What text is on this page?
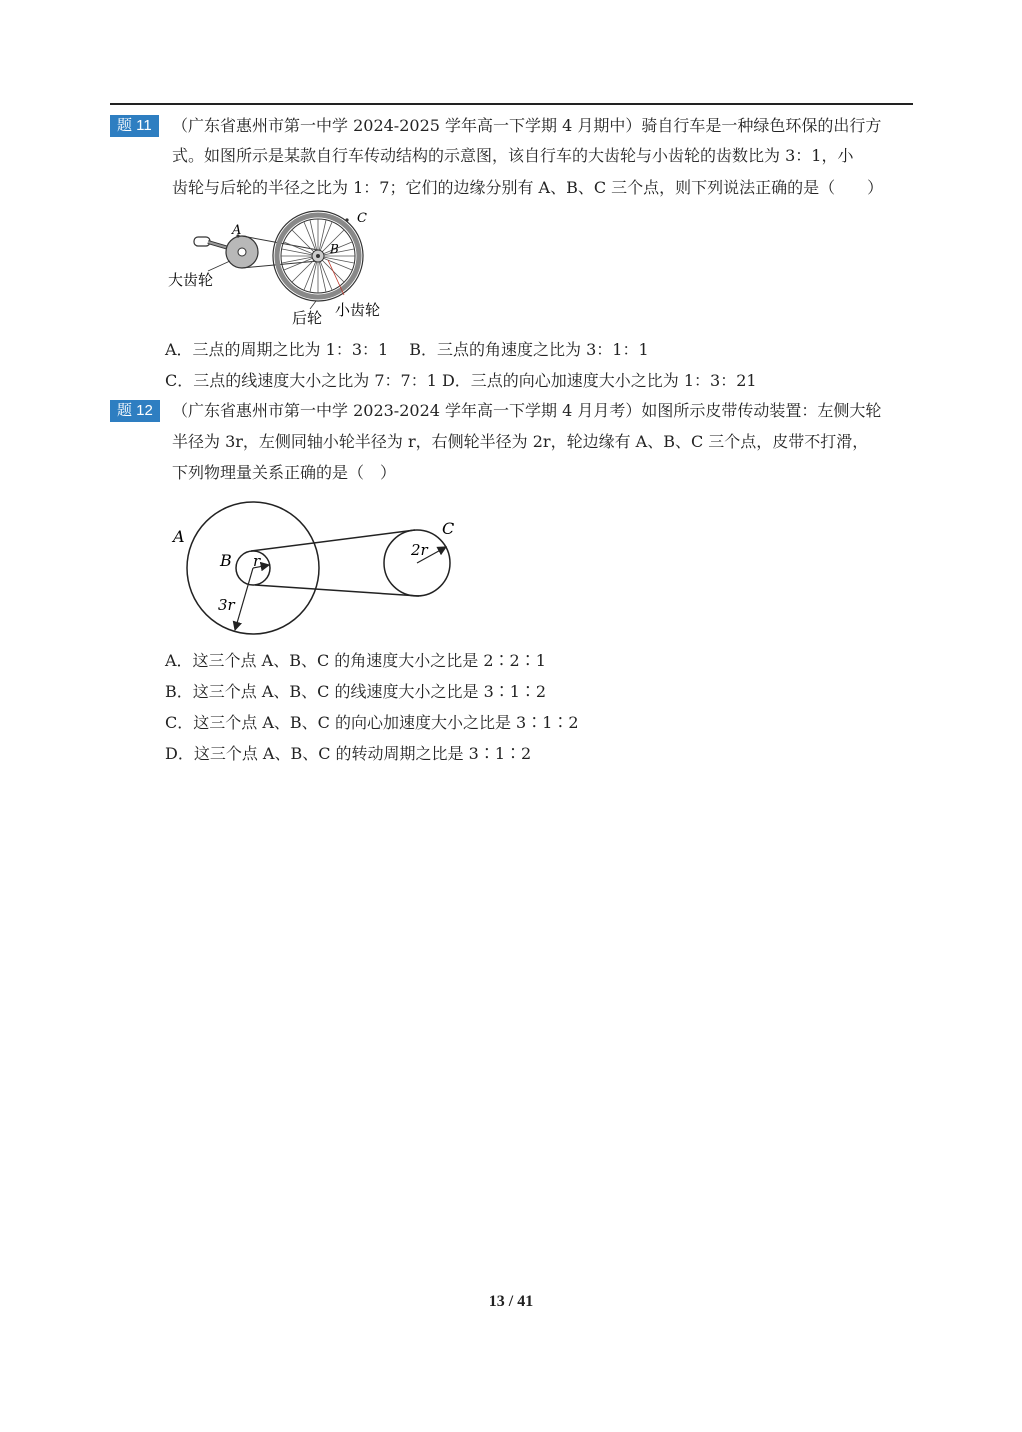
题 11	（广东省惠州市第一中学 2024-2025 学年高一下学期 4 月期中）骑自行车是一种绿色环保的出行方
式。如图所示是某款自行车传动结构的示意图，该自行车的大齿轮与小齿轮的齿数比为 3：1，小
齿轮与后轮的半径之比为 1：7；它们的边缘分别有 A、B、C 三个点，则下列说法正确的是（　　）
A
C
B
大齿轮
后轮 小齿轮
A．三点的周期之比为 1：3：1　 B．三点的角速度之比为 3：1：1
C．三点的线速度大小之比为 7：7：1 D．三点的向心加速度大小之比为 1：3：21
题 12	（广东省惠州市第一中学 2023-2024 学年高一下学期 4 月月考）如图所示皮带传动装置：左侧大轮
半径为 3r，左侧同轴小轮半径为 r，右侧轮半径为 2r，轮边缘有 A、B、C 三个点，皮带不打滑，
下列物理量关系正确的是（　）
A
B
C
r
2r
3r
A．这三个点 A、B、C 的角速度大小之比是 2∶2∶1
B．这三个点 A、B、C 的线速度大小之比是 3∶1∶2
C．这三个点 A、B、C 的向心加速度大小之比是 3∶1∶2
D．这三个点 A、B、C 的转动周期之比是 3∶1∶2
13 / 41
